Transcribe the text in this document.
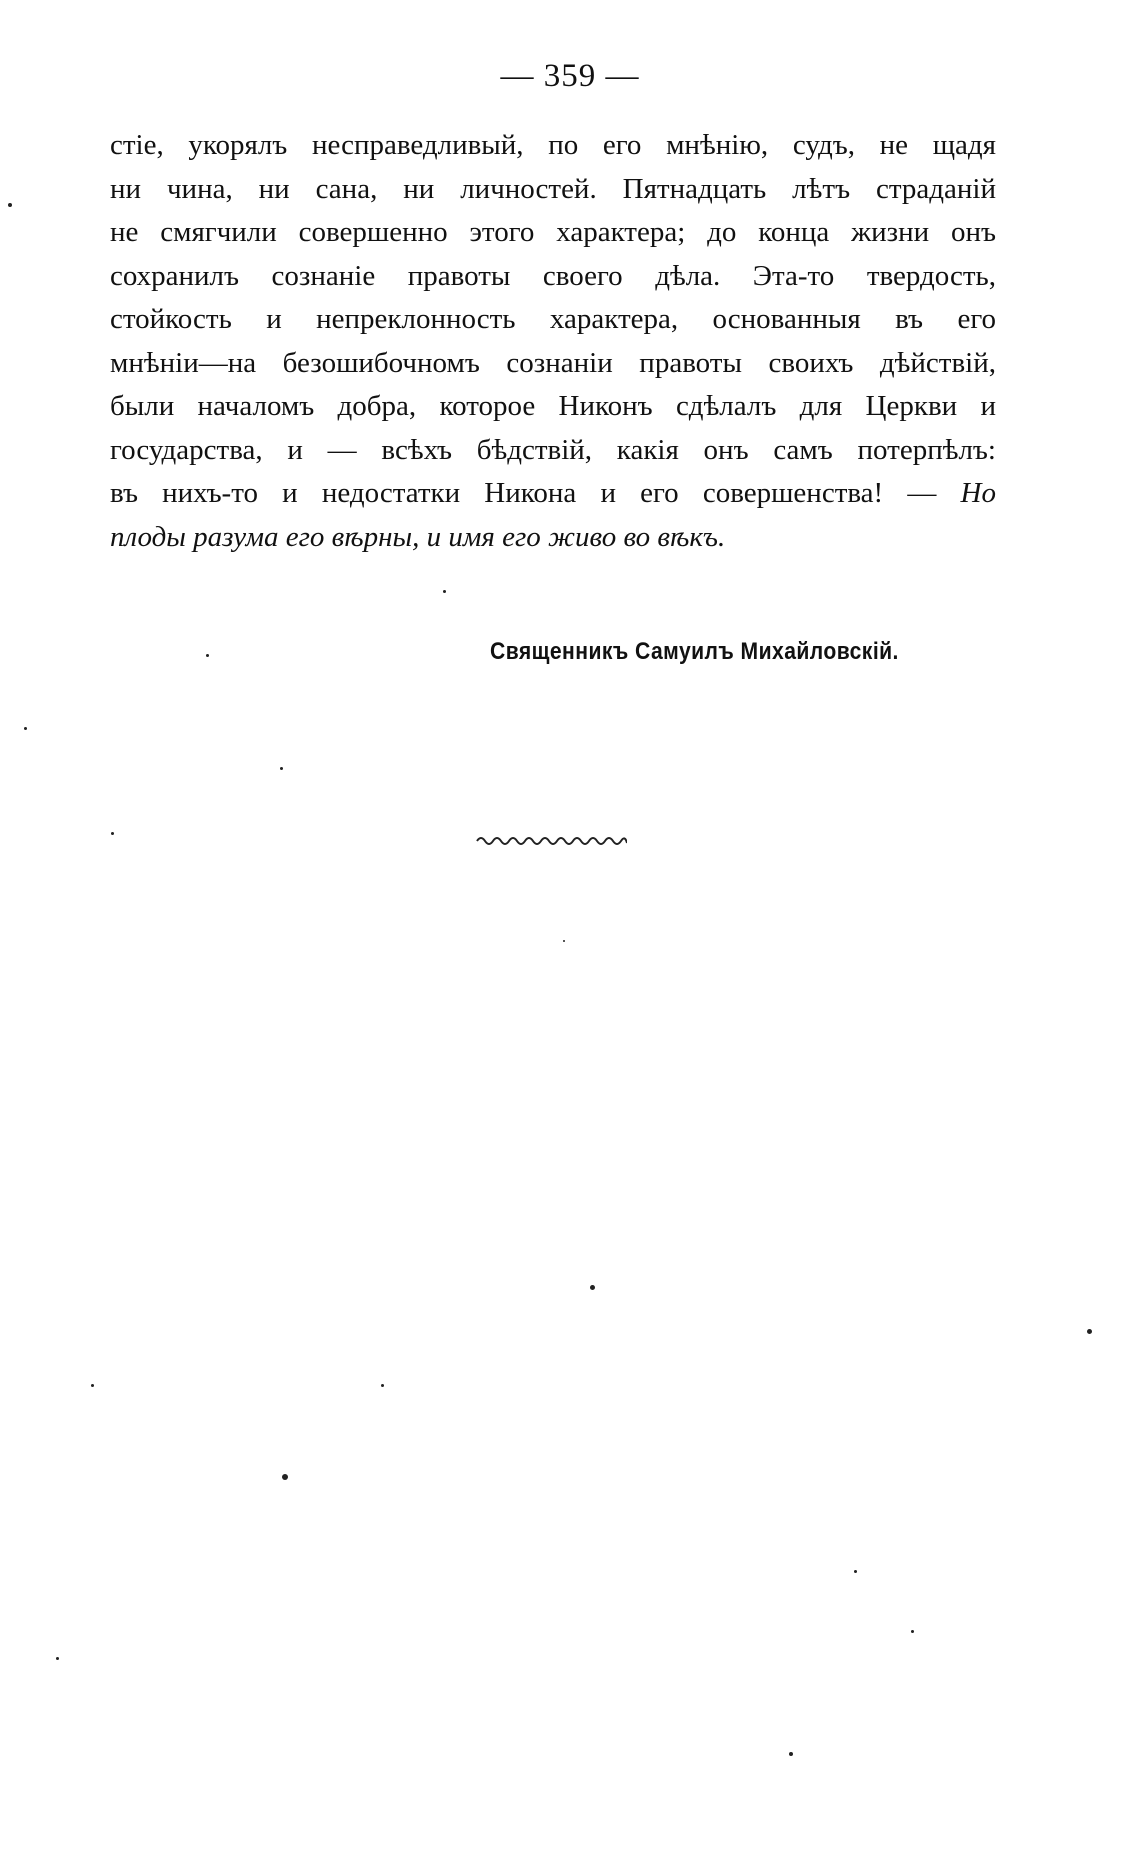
— 359 —
стіе, укорялъ несправедливый, по его мнѣнію, судъ, не щадя
ни чина, ни сана, ни личностей. Пятнадцать лѣтъ страданій
не смягчили совершенно этого характера; до конца жизни онъ
сохранилъ сознаніе правоты своего дѣла. Эта-то твердость,
стойкость и непреклонность характера, основанныя въ его
мнѣніи—на безошибочномъ сознаніи правоты своихъ дѣйствій,
были началомъ добра, которое Никонъ сдѣлалъ для Церкви и
государства, и — всѣхъ бѣдствій, какія онъ самъ потерпѣлъ:
въ нихъ-то и недостатки Никона и его совершенства! — Но
плоды разума его вѣрны, и имя его живо во вѣкъ.
Священникъ Самуилъ Михайловскій.
